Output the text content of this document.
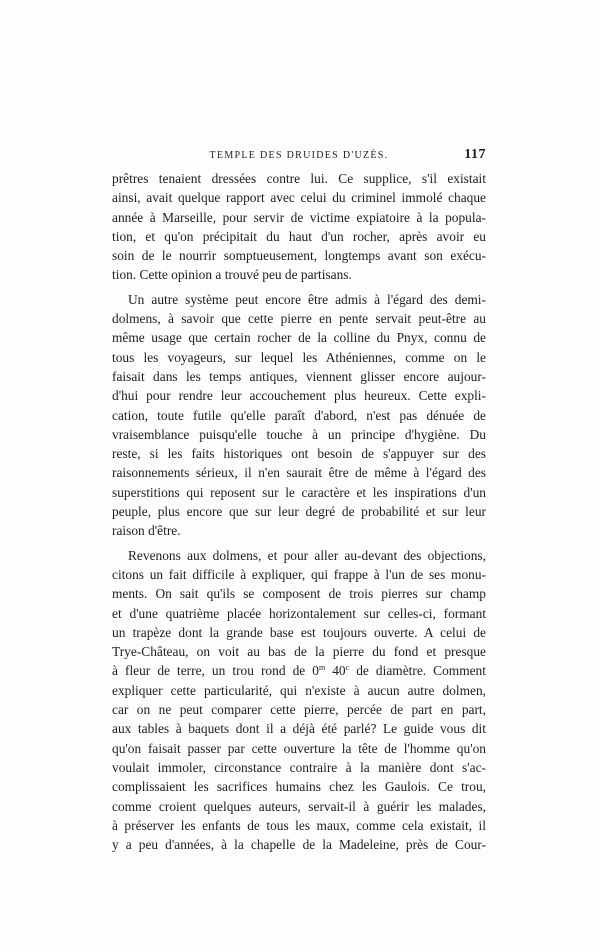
TEMPLE DES DRUIDES D'UZÈS.	117
prêtres tenaient dressées contre lui. Ce supplice, s'il existait
ainsi, avait quelque rapport avec celui du criminel immolé chaque
année à Marseille, pour servir de victime expiatoire à la popula-
tion, et qu'on précipitait du haut d'un rocher, après avoir eu
soin de le nourrir somptueusement, longtemps avant son exécu-
tion. Cette opinion a trouvé peu de partisans.
Un autre système peut encore être admis à l'égard des demi-
dolmens, à savoir que cette pierre en pente servait peut-être au
même usage que certain rocher de la colline du Pnyx, connu de
tous les voyageurs, sur lequel les Athéniennes, comme on le
faisait dans les temps antiques, viennent glisser encore aujour-
d'hui pour rendre leur accouchement plus heureux. Cette expli-
cation, toute futile qu'elle paraît d'abord, n'est pas dénuée de
vraisemblance puisqu'elle touche à un principe d'hygiène. Du
reste, si les faits historiques ont besoin de s'appuyer sur des
raisonnements sérieux, il n'en saurait être de même à l'égard des
superstitions qui reposent sur le caractère et les inspirations d'un
peuple, plus encore que sur leur degré de probabilité et sur leur
raison d'être.
Revenons aux dolmens, et pour aller au-devant des objections,
citons un fait difficile à expliquer, qui frappe à l'un de ses monu-
ments. On sait qu'ils se composent de trois pierres sur champ
et d'une quatrième placée horizontalement sur celles-ci, formant
un trapèze dont la grande base est toujours ouverte. A celui de
Trye-Château, on voit au bas de la pierre du fond et presque
à fleur de terre, un trou rond de 0$^m$ 40$^c$ de diamètre. Comment
expliquer cette particularité, qui n'existe à aucun autre dolmen,
car on ne peut comparer cette pierre, percée de part en part,
aux tables à baquets dont il a déjà été parlé? Le guide vous dit
qu'on faisait passer par cette ouverture la tête de l'homme qu'on
voulait immoler, circonstance contraire à la manière dont s'ac-
complissaient les sacrifices humains chez les Gaulois. Ce trou,
comme croient quelques auteurs, servait-il à guérir les malades,
à préserver les enfants de tous les maux, comme cela existait, il
y a peu d'années, à la chapelle de la Madeleine, près de Cour-
